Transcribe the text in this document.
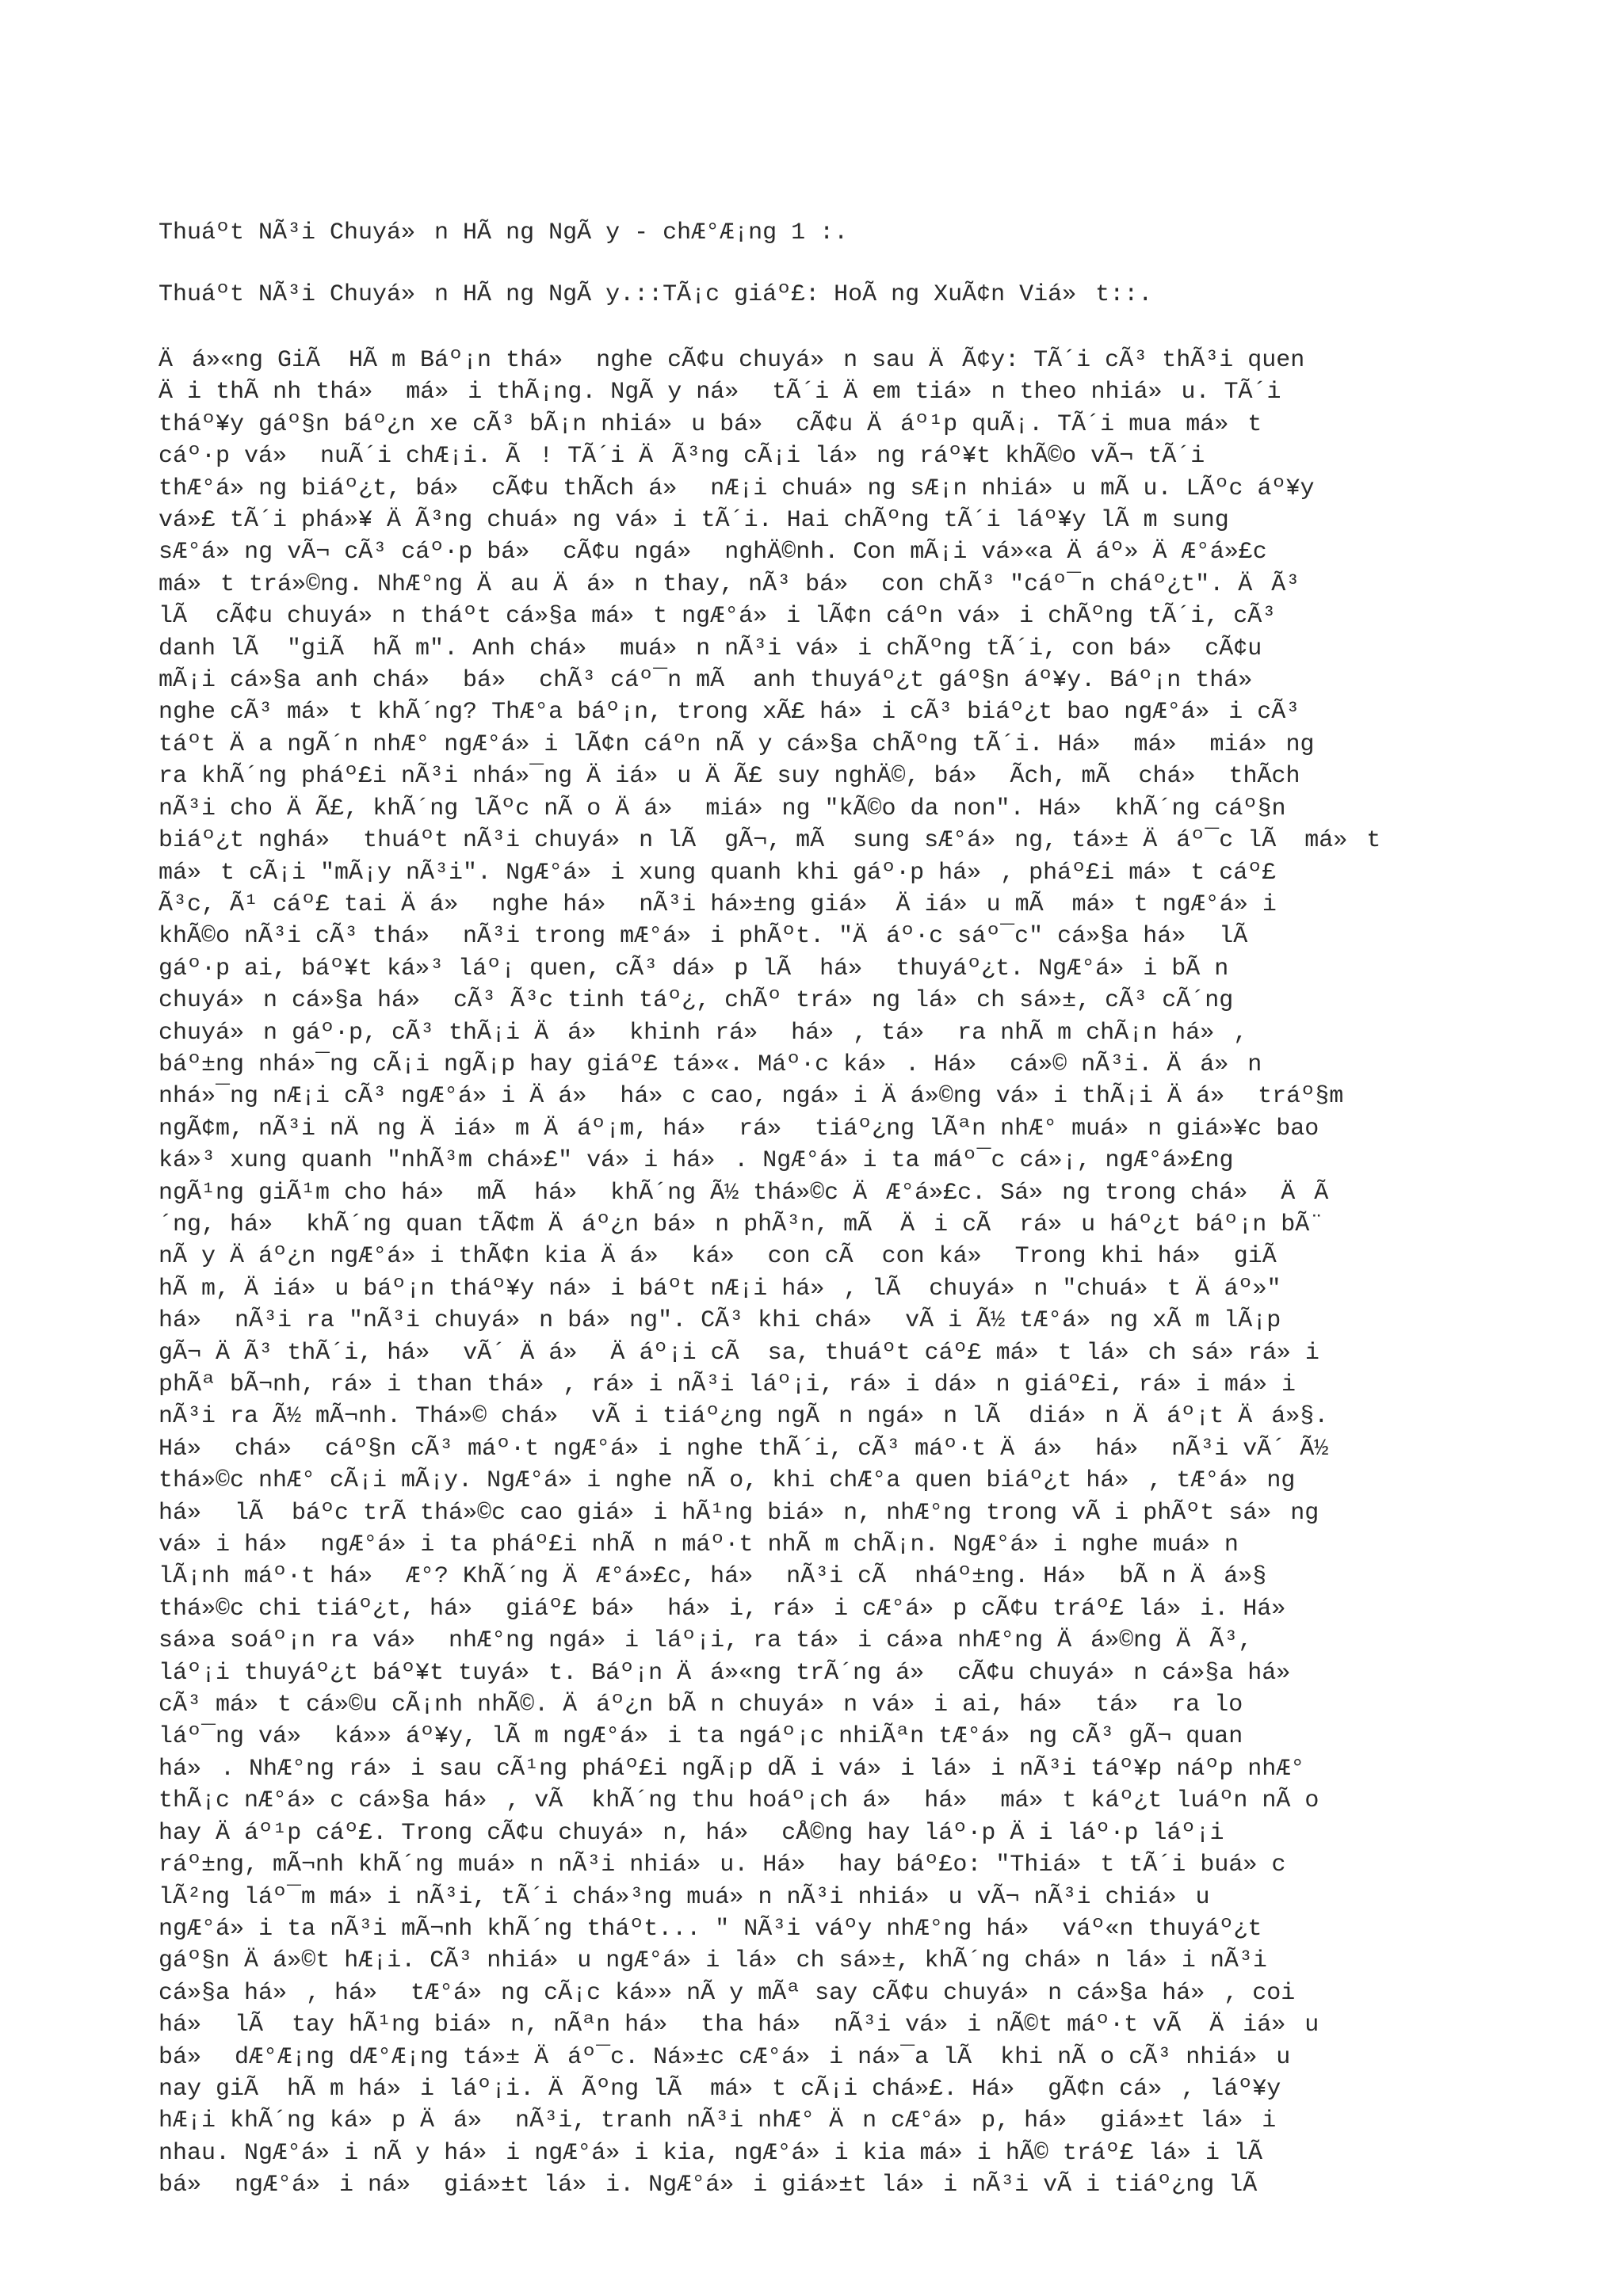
Thuáºt NÃ³i Chuyá»n HÃ ng NgÃ y - chÆ°Æ¡ng 1 :.
Thuáºt NÃ³i Chuyá»n HÃ ng NgÃ y.::TÃ¡c giáº£: HoÃ ng XuÃ¢n Viá»t::.
Äá»«ng GiÃ  HÃ m Báº¡n thá» nghe cÃ¢u chuyá»n sau ÄÃ¢y: TÃ´i cÃ³ thÃ³i quen
Äi thÃ nh thá» má»i thÃ¡ng. NgÃ y ná» tÃ´i Äem tiá»n theo nhiá»u. TÃ´i
tháº¥y gáº§n báº¿n xe cÃ³ bÃ¡n nhiá»u bá» cÃ¢u Äáº¹p quÃ¡. TÃ´i mua má»t
cáº·p vá» nuÃ´i chÆ¡i. Ã! TÃ´i ÄÃ³ng cÃ¡i lá»ng ráº¥t khÃ©o vÃ¬ tÃ´i
thÆ°á»ng biáº¿t, bá» cÃ¢u thÃch á» nÆ¡i chuá»ng sÆ¡n nhiá»u mÃ u. LÃºc áº¥y
vá»£ tÃ´i phá»¥ ÄÃ³ng chuá»ng vá»i tÃ´i. Hai chÃºng tÃ´i láº¥y lÃ m sung
sÆ°á»ng vÃ¬ cÃ³ cáº·p bá» cÃ¢u ngá» nghÄ©nh. Con mÃ¡i vá»«a Äáº» ÄÆ°á»£c
má»t trá»©ng. NhÆ°ng Äau Äá»n thay, nÃ³ bá» con chÃ³ "cáº¯n cháº¿t". ÄÃ³
lÃ  cÃ¢u chuyá»n tháºt cá»§a má»t ngÆ°á»i lÃ¢n cáºn vá»i chÃºng tÃ´i, cÃ³
danh lÃ  "giÃ  hÃ m". Anh chá» muá»n nÃ³i vá»i chÃºng tÃ´i, con bá» cÃ¢u
mÃ¡i cá»§a anh chá» bá» chÃ³ cáº¯n mÃ  anh thuyáº¿t gáº§n áº¥y. Báº¡n thá»
nghe cÃ³ má»t khÃ´ng? ThÆ°a báº¡n, trong xÃ£ há»i cÃ³ biáº¿t bao ngÆ°á»i cÃ³
táºt Äa ngÃ´n nhÆ° ngÆ°á»i lÃ¢n cáºn nÃ y cá»§a chÃºng tÃ´i. Há» má» miá»ng
ra khÃ´ng pháº£i nÃ³i nhá»¯ng Äiá»u ÄÃ£ suy nghÄ©, bá» Ãch, mÃ  chá» thÃch
nÃ³i cho ÄÃ£, khÃ´ng lÃºc nÃ o Äá» miá»ng "kÃ©o da non". Há» khÃ´ng cáº§n
biáº¿t nghá» thuáºt nÃ³i chuyá»n lÃ  gÃ¬, mÃ  sung sÆ°á»ng, tá»± Äáº¯c lÃ  má»t
má»t cÃ¡i "mÃ¡y nÃ³i". NgÆ°á»i xung quanh khi gáº·p há», pháº£i má»t cáº£
Ã³c, Ã¹ cáº£ tai Äá» nghe há» nÃ³i há»±ng giá» Äiá»u mÃ  má»t ngÆ°á»i
khÃ©o nÃ³i cÃ³ thá» nÃ³i trong mÆ°á»i phÃºt. "Äáº·c sáº¯c" cá»§a há» lÃ
gáº·p ai, báº¥t ká»³ láº¡ quen, cÃ³ dá»p lÃ  há» thuyáº¿t. NgÆ°á»i bÃ n
chuyá»n cá»§a há» cÃ³ Ã³c tinh táº¿, chÃº trá»ng lá»ch sá»±, cÃ³ cÃ´ng
chuyá»n gáº·p, cÃ³ thÃ¡i Äá» khinh rá» há», tá» ra nhÃ m chÃ¡n há»,
báº±ng nhá»¯ng cÃ¡i ngÃ¡p hay giáº£ tá»«. Máº·c ká». Há» cá»© nÃ³i. Äá»n
nhá»¯ng nÆ¡i cÃ³ ngÆ°á»i Äá» há»c cao, ngá»i Äá»©ng vá»i thÃ¡i Äá» tráº§m
ngÃ¢m, nÃ³i nÄng Äiá»m Äáº¡m, há» rá» tiáº¿ng lÃªn nhÆ° muá»n giá»¥c bao
ká»³ xung quanh "nhÃ³m chá»£" vá»i há». NgÆ°á»i ta máº¯c cá»¡, ngÆ°á»£ng
ngÃ¹ng giÃ¹m cho há» mÃ  há» khÃ´ng Ã½ thá»©c ÄÆ°á»£c. Sá»ng trong chá» ÄÃ
´ng, há» khÃ´ng quan tÃ¢m Äáº¿n bá»n phÃ³n, mÃ  Äi cÃ  rá»u háº¿t báº¡n bÃ¨
nÃ y Äáº¿n ngÆ°á»i thÃ¢n kia Äá» ká» con cÃ  con ká» Trong khi há» giÃ
hÃ m, Äiá»u báº¡n tháº¥y ná»i báºt nÆ¡i há», lÃ  chuyá»n "chuá»t Äáº»"
há» nÃ³i ra "nÃ³i chuyá»n bá»ng". CÃ³ khi chá» vÃ i Ã½ tÆ°á»ng xÃ m lÃ¡p
gÃ¬ ÄÃ³ thÃ´i, há» vÃ´ Äá» Äáº¡i cÃ  sa, thuáºt cáº£ má»t lá»ch sá» rá»i
phÃª bÃ¬nh, rá»i than thá», rá»i nÃ³i láº¡i, rá»i dá»n giáº£i, rá»i má»i
nÃ³i ra Ã½ mÃ¬nh. Thá»© chá» vÃ i tiáº¿ng ngÃn ngá»n lÃ  diá»n Äáº¡t Äá»§.
Há» chá» cáº§n cÃ³ máº·t ngÆ°á»i nghe thÃ´i, cÃ³ máº·t Äá» há» nÃ³i vÃ´ Ã½
thá»©c nhÆ° cÃ¡i mÃ¡y. NgÆ°á»i nghe nÃ o, khi chÆ°a quen biáº¿t há», tÆ°á»ng
há» lÃ  báºc trÃ thá»©c cao giá»i hÃ¹ng biá»n, nhÆ°ng trong vÃ i phÃºt sá»ng
vá»i há» ngÆ°á»i ta pháº£i nhÃn máº·t nhÃ m chÃ¡n. NgÆ°á»i nghe muá»n
lÃ¡nh máº·t há» Æ°? KhÃ´ng ÄÆ°á»£c, há» nÃ³i cÃ  nháº±ng. Há» bÃ n Äá»§
thá»©c chi tiáº¿t, há» giáº£ bá» há»i, rá»i cÆ°á»p cÃ¢u tráº£ lá»i. Há»
sá»a soáº¡n ra vá» nhÆ°ng ngá»i láº¡i, ra tá»i cá»a nhÆ°ng Äá»©ng ÄÃ³,
láº¡i thuyáº¿t báº¥t tuyá»t. Báº¡n Äá»«ng trÃ´ng á» cÃ¢u chuyá»n cá»§a há»
cÃ³ má»t cá»©u cÃ¡nh nhÃ©. Äáº¿n bÃ n chuyá»n vá»i ai, há» tá» ra lo
láº¯ng vá» ká»» áº¥y, lÃ m ngÆ°á»i ta ngáº¡c nhiÃªn tÆ°á»ng cÃ³ gÃ¬ quan
há». NhÆ°ng rá»i sau cÃ¹ng pháº£i ngÃ¡p dÃ i vá»i lá»i nÃ³i táº¥p náºp nhÆ°
thÃ¡c nÆ°á»c cá»§a há», vÃ  khÃ´ng thu hoáº¡ch á» há» má»t káº¿t luáºn nÃ o
hay Äáº¹p cáº£. Trong cÃ¢u chuyá»n, há» cÅ©ng hay láº·p Äi láº·p láº¡i
ráº±ng, mÃ¬nh khÃ´ng muá»n nÃ³i nhiá»u. Há» hay báº£o: "Thiá»t tÃ´i buá»c
lÃ²ng láº¯m má»i nÃ³i, tÃ´i chá»³ng muá»n nÃ³i nhiá»u vÃ¬ nÃ³i chiá»u
ngÆ°á»i ta nÃ³i mÃ¬nh khÃ´ng tháºt... " NÃ³i váºy nhÆ°ng há» váº«n thuyáº¿t
gáº§n Äá»©t hÆ¡i. CÃ³ nhiá»u ngÆ°á»i lá»ch sá»±, khÃ´ng chá»n lá»i nÃ³i
cá»§a há», há» tÆ°á»ng cÃ¡c ká»» nÃ y mÃª say cÃ¢u chuyá»n cá»§a há», coi
há» lÃ  tay hÃ¹ng biá»n, nÃªn há» tha há» nÃ³i vá»i nÃ©t máº·t vÃ  Äiá»u
bá» dÆ°Æ¡ng dÆ°Æ¡ng tá»± Äáº¯c. Ná»±c cÆ°á»i ná»¯a lÃ  khi nÃ o cÃ³ nhiá»u
nay giÃ  hÃ m há»i láº¡i. ÄÃºng lÃ  má»t cÃ¡i chá»£. Há» gÃ¢n cá», láº¥y
hÆ¡i khÃ´ng ká»p Äá» nÃ³i, tranh nÃ³i nhÆ° Än cÆ°á»p, há» giá»±t lá»i
nhau. NgÆ°á»i nÃ y há»i ngÆ°á»i kia, ngÆ°á»i kia má»i hÃ© tráº£ lá»i lÃ
bá» ngÆ°á»i ná» giá»±t lá»i. NgÆ°á»i giá»±t lá»i nÃ³i vÃ i tiáº¿ng lÃ
